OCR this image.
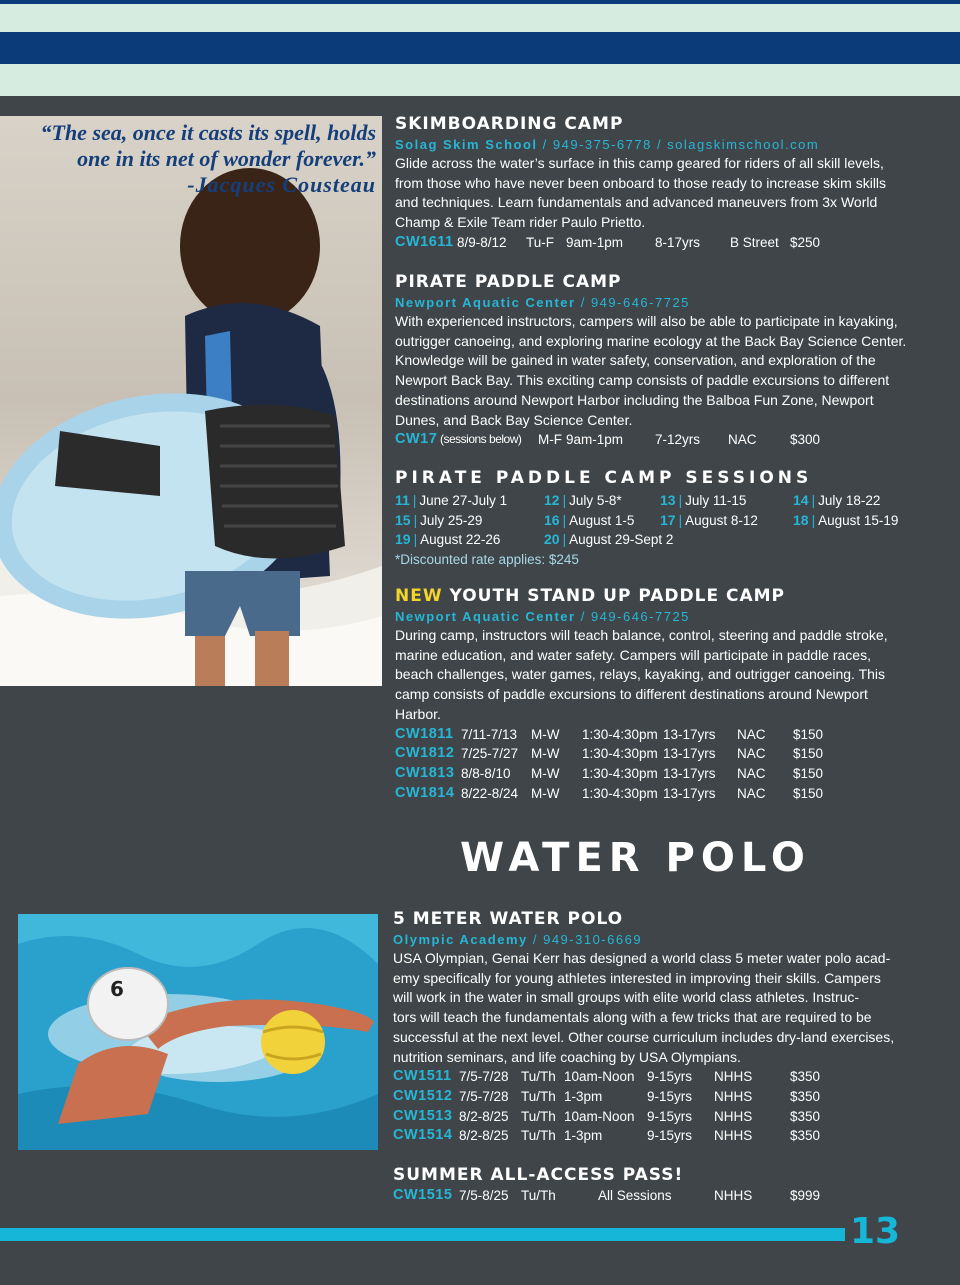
“The sea, once it casts its spell, holds
one in its net of wonder forever.”

-Jacques Cousteau
SKIMBOARDING CAMP
Solag Skim School / 949-375-6778 / solagskimschool.com
Glide across the water’s surface in this camp geared for riders of all skill levels,
from those who have never been onboard to those ready to increase skim skills
and techniques. Learn fundamentals and advanced maneuvers from 3x World
Champ & Exile Team rider Paulo Prietto.
CW1611 8/9-8/12 Tu-F 9am-1pm 8-17yrs B Street $250
PIRATE PADDLE CAMP
Newport Aquatic Center / 949-646-7725
With experienced instructors, campers will also be able to participate in kayaking,
outrigger canoeing, and exploring marine ecology at the Back Bay Science Center.
Knowledge will be gained in water safety, conservation, and exploration of the
Newport Back Bay. This exciting camp consists of paddle excursions to different
destinations around Newport Harbor including the Balboa Fun Zone, Newport
Dunes, and Back Bay Science Center.
CW17 (sessions below) M-F 9am-1pm 7-12yrs NAC $300
PIRATE PADDLE CAMP SESSIONS
11 | June 27-July 1	12 | July 5-8*	13 | July 11-15	14 | July 18-22
15 | July 25-29	16 | August 1-5 17 | August 8-12	18 | August 15-19
19 | August 22-26	20 | August 29-Sept 2
*Discounted rate applies: $245
NEW YOUTH STAND UP PADDLE CAMP
Newport Aquatic Center / 949-646-7725
During camp, instructors will teach balance, control, steering and paddle stroke,
marine education, and water safety. Campers will participate in paddle races,
beach challenges, water games, relays, kayaking, and outrigger canoeing. This
camp consists of paddle excursions to different destinations around Newport
Harbor.
CW1811 7/11-7/13 M-W 1:30-4:30pm 13-17yrs NAC $150
CW1812 7/25-7/27 M-W 1:30-4:30pm 13-17yrs NAC $150
CW1813 8/8-8/10 M-W 1:30-4:30pm 13-17yrs NAC $150
CW1814 8/22-8/24 M-W 1:30-4:30pm 13-17yrs NAC $150
WATER POLO
6
5 METER WATER POLO
Olympic Academy / 949-310-6669
USA Olympian, Genai Kerr has designed a world class 5 meter water polo acad-
emy specifically for young athletes interested in improving their skills. Campers
will work in the water in small groups with elite world class athletes. Instruc-
tors will teach the fundamentals along with a few tricks that are required to be
successful at the next level. Other course curriculum includes dry-land exercises,
nutrition seminars, and life coaching by USA Olympians.
CW1511 7/5-7/28 Tu/Th 10am-Noon 9-15yrs NHHS	$350
CW1512 7/5-7/28 Tu/Th 1-3pm	9-15yrs NHHS	$350
CW1513 8/2-8/25 Tu/Th 10am-Noon 9-15yrs NHHS	$350
CW1514 8/2-8/25 Tu/Th 1-3pm	9-15yrs NHHS	$350
SUMMER ALL-ACCESS PASS!
CW1515 7/5-8/25 Tu/Th	All Sessions	NHHS	$999
13
